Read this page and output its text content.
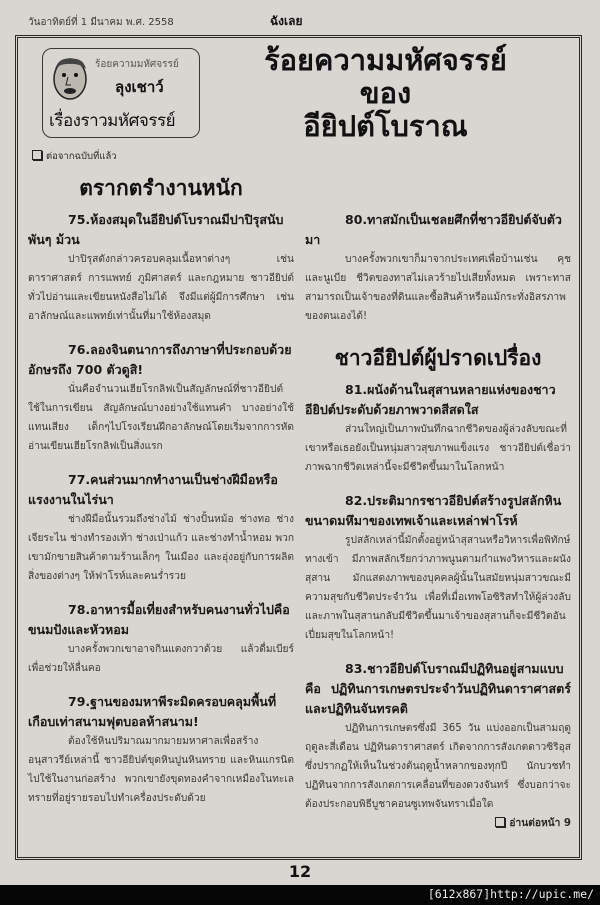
วันอาทิตย์ที่ 1 มีนาคม พ.ศ. 2558	ฉังเลย
ร้อยความมหัศจรรย์
ลุงเชาว์
เรื่องราวมหัศจรรย์
ร้อยความมหัศจรรย์
ของ
อียิปต์โบราณ
ต่อจากฉบับที่แล้ว
ตรากตรำงานหนัก

75.ห้องสมุดในอียิปต์โบราณมีปาปิรุสนับพันๆ ม้วน

ปาปิรุสดังกล่าวครอบคลุมเนื้อหาต่างๆ เช่น ดาราศาสตร์ การแพทย์ ภูมิศาสตร์ และกฎหมาย ชาวอียิปต์ทั่วไปอ่านและเขียนหนังสือไม่ได้ จึงมีแต่ผู้มีการศึกษา เช่น อาลักษณ์และแพทย์เท่านั้นที่มาใช้ห้องสมุด

76.ลองจินตนาการถึงภาษาที่ประกอบด้วยอักษรถึง 700 ตัวดูสิ!

นั่นคือจำนวนเฮียโรกลิฟเป็นสัญลักษณ์ที่ชาวอียิปต์ใช้ในการเขียน สัญลักษณ์บางอย่างใช้แทนคำ บางอย่างใช้แทนเสียง เด็กๆไปโรงเรียนฝึกอาลักษณ์โดยเริ่มจากการหัดอ่านเขียนเฮียโรกลิฟเป็นสิ่งแรก

77.คนส่วนมากทำงานเป็นช่างฝีมือหรือแรงงานในไร่นา

ช่างฝีมือนั้นรวมถึงช่างไม้ ช่างปั้นหม้อ ช่างทอ ช่างเจียระไน ช่างทำรองเท้า ช่างเป่าแก้ว และช่างทำน้ำหอม พวกเขามักขายสินค้าตามร้านเล็กๆ ในเมือง และอุ่งอยู่กับการผลิตสิ่งของต่างๆ ให้ฟาโรห์และคนร่ำรวย

78.อาหารมื้อเที่ยงสำหรับคนงานทั่วไปคือขนมปังและหัวหอม

บางครั้งพวกเขาอาจกินแตงกวาด้วย แล้วดื่มเบียร์เพื่อช่วยให้ลื่นคอ

79.ฐานของมหาพีระมิดครอบคลุมพื้นที่เกือบเท่าสนามฟุตบอลห้าสนาม!

ต้องใช้หินปริมาณมากมายมหาศาลเพื่อสร้างอนุสาวรีย์เหล่านี้ ชาวอียิปต์ขุดหินปูนหินทราย และหินแกรนิตไปใช้ในงานก่อสร้าง พวกเขายังขุดทองคำจากเหมืองในทะเลทรายที่อยู่รายรอบไปทำเครื่องประดับด้วย

80.ทาสมักเป็นเชลยศึกที่ชาวอียิปต์จับตัวมา

บางครั้งพวกเขาก็มาจากประเทศเพื่อบ้านเช่น คุชและนูเบีย ชีวิตของทาสไม่เลวร้ายไปเสียทั้งหมด เพราะทาสสามารถเป็นเจ้าของที่ดินและซื้อสินค้าหรือแม้กระทั่งอิสรภาพของตนเองได้!

ชาวอียิปต์ผู้ปราดเปรื่อง

81.ผนังด้านในสุสานหลายแห่งของชาวอียิปต์ประดับด้วยภาพวาดสีสดใส

ส่วนใหญ่เป็นภาพบันทึกฉากชีวิตของผู้ล่วงลับขณะที่เขาหรือเธอยังเป็นหนุ่มสาวสุขภาพแข็งแรง ชาวอียิปต์เชื่อว่าภาพฉากชีวิตเหล่านี้จะมีชีวิตขึ้นมาในโลกหน้า

82.ประติมากรชาวอียิปต์สร้างรูปสลักหินขนาดมหึมาของเทพเจ้าและเหล่าฟาโรห์

รูปสลักเหล่านี้มักตั้งอยู่หน้าสุสานหรือวิหารเพื่อพิทักษ์ทางเข้า มีภาพสลักเรียกว่าภาพนูนตามกำแพงวิหารและผนังสุสาน มักแสดงภาพของบุคคลผู้นั้นในสมัยหนุ่มสาวขณะมีความสุขกับชีวิตประจำวัน เพื่อที่เมื่อเทพโอซิริสทำให้ผู้ล่วงลับและภาพในสุสานกลับมีชีวิตขึ้นมาเจ้าของสุสานก็จะมีชีวิตอันเปี่ยมสุขในโลกหน้า!

83.ชาวอียิปต์โบราณมีปฏิทินอยู่สามแบบ คือ ปฏิทินการเกษตรประจำวันปฏิทินดาราศาสตร์ และปฏิทินจันทรคติ

ปฏิทินการเกษตรซึ่งมี 365 วัน แบ่งออกเป็นสามฤดู ฤดูละสี่เดือน ปฏิทินดาราศาสตร์ เกิดจากการสังเกตดาวซิริอุส ซึ่งปรากฏให้เห็นในช่วงต้นฤดูน้ำหลากของทุกปี นักบวชทำปฏิทินจากการสังเกตการเคลื่อนที่ของดวงจันทร์ ซึ่งบอกว่าจะต้องประกอบพิธีบูชาคอนซูเทพจันทราเมื่อใด

อ่านต่อหน้า 9
12
[612x867]http://upic.me/
